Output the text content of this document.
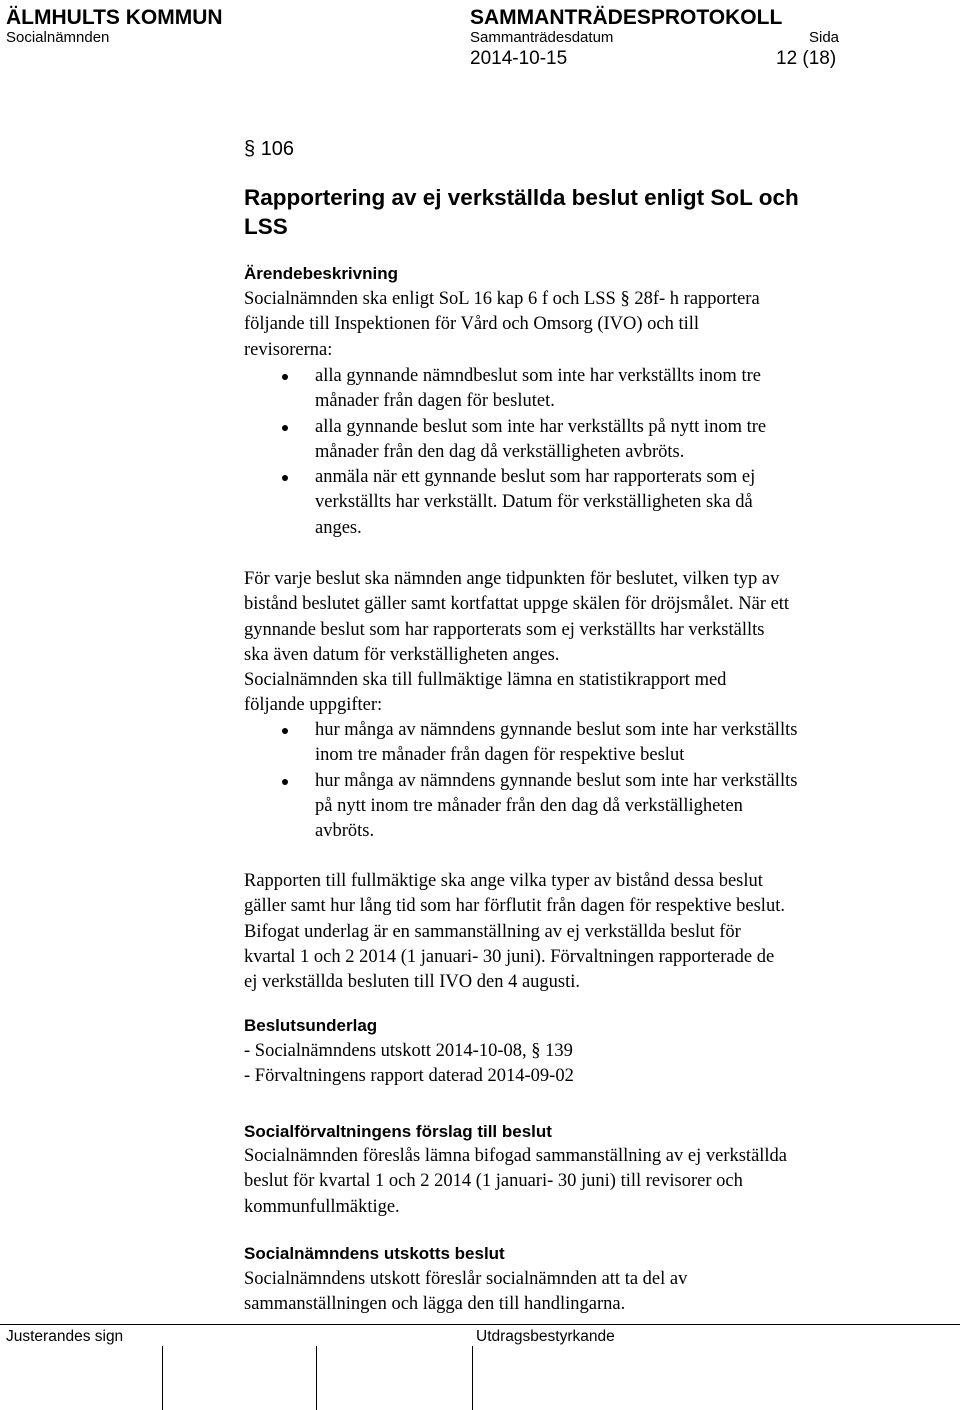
ÄLMHULTS KOMMUN	SAMMANTRÄDESPROTOKOLL
Socialnämnden	Sammanträdesdatum	Sida
2014-10-15	12 (18)
§ 106
Rapportering av ej verkställda beslut enligt SoL och
LSS
Ärendebeskrivning
Socialnämnden ska enligt SoL 16 kap 6 f och LSS § 28f- h rapportera
följande till Inspektionen för Vård och Omsorg (IVO) och till
revisorerna:
alla gynnande nämndbeslut som inte har verkställts inom tre
månader från dagen för beslutet.
alla gynnande beslut som inte har verkställts på nytt inom tre
månader från den dag då verkställigheten avbröts.
anmäla när ett gynnande beslut som har rapporterats som ej
verkställts har verkställt. Datum för verkställigheten ska då
anges.
För varje beslut ska nämnden ange tidpunkten för beslutet, vilken typ av
bistånd beslutet gäller samt kortfattat uppge skälen för dröjsmålet. När ett
gynnande beslut som har rapporterats som ej verkställts har verkställts
ska även datum för verkställigheten anges.
Socialnämnden ska till fullmäktige lämna en statistikrapport med
följande uppgifter:
hur många av nämndens gynnande beslut som inte har verkställts
inom tre månader från dagen för respektive beslut
hur många av nämndens gynnande beslut som inte har verkställts
på nytt inom tre månader från den dag då verkställigheten
avbröts.
Rapporten till fullmäktige ska ange vilka typer av bistånd dessa beslut
gäller samt hur lång tid som har förflutit från dagen för respektive beslut.
Bifogat underlag är en sammanställning av ej verkställda beslut för
kvartal 1 och 2 2014 (1 januari- 30 juni). Förvaltningen rapporterade de
ej verkställda besluten till IVO den 4 augusti.
Beslutsunderlag
- Socialnämndens utskott 2014-10-08, § 139
- Förvaltningens rapport daterad 2014-09-02
Socialförvaltningens förslag till beslut
Socialnämnden föreslås lämna bifogad sammanställning av ej verkställda
beslut för kvartal 1 och 2 2014 (1 januari- 30 juni) till revisorer och
kommunfullmäktige.
Socialnämndens utskotts beslut
Socialnämndens utskott föreslår socialnämnden att ta del av
sammanställningen och lägga den till handlingarna.
Justerandes sign	Utdragsbestyrkande
